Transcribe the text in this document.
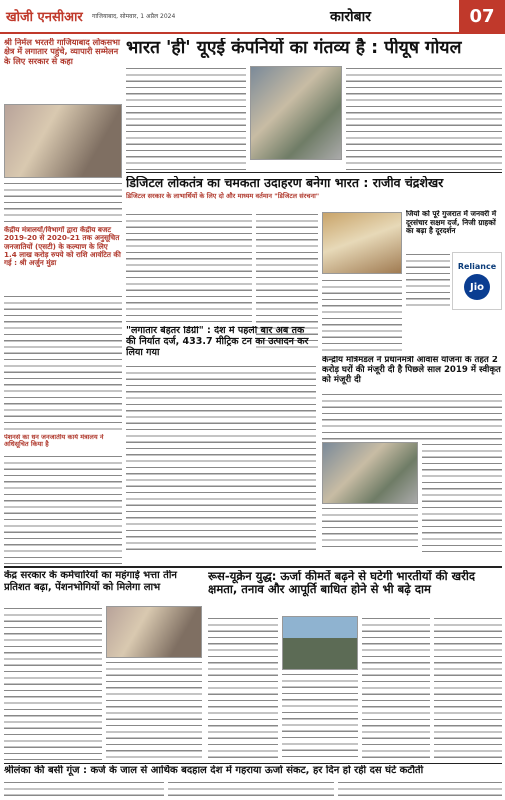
खोजी एनसीआर	गाजियाबाद, सोमवार, 1 अप्रैल 2024	कारोबार	07
श्री निर्मल भरतरी गाजियाबाद लोकसभा क्षेत्र में लगातार पहुंचे, व्यापारी सम्मेलन के लिए सरकार से कहा
भारत 'ही' यूएई कंपनियों का गंतव्य है : पीयूष गोयल
केंद्रीय मंत्रालयों/विभागों द्वारा केंद्रीय बजट 2019-20 से 2020-21 तक अनुसूचित जनजातियों (एसटी) के कल्याण के लिए 1.4 लाख करोड़ रुपये को राशि आवंटित की गई : श्री अर्जुन मुंडा
पेंशनर्स का धन जनजातीय कार्य मंत्रालय ने अधिसूचित किया है
डिजिटल लोकतंत्र का चमकता उदाहरण बनेगा भारत : राजीव चंद्रशेखर
डिजिटल सरकार के लाभार्थियों के लिए दो और माध्यम वर्तमान "डिजिटल संरचना"
जियो को पूरे गुजरात में जनवरी में दूरसंचार सक्षम दर्ज, निजी ग्राहकों का बढ़ा है दूरदर्शन
Reliance
Jio
"लगातार बेहतर डिग्री" : देश में पहली बार अब तक की निर्यात दर्ज, 433.7 मीट्रिक टन का उत्पादन कर लिया गया
केन्द्रीय मंत्रिमंडल ने प्रधानमंत्री आवास योजना के तहत 2 करोड़ घरों की मंजूरी दी है पिछले साल 2019 में स्वीकृत को मंजूरी दी
केंद्र सरकार के कर्मचारियों का महंगाई भत्ता तीन प्रतिशत बढ़ा, पेंशनभोगियों को मिलेगा लाभ
रूस-यूक्रेन युद्ध: ऊर्जा कीमतें बढ़ने से घटेगी भारतीयों की खरीद क्षमता, तनाव और आपूर्ति बाधित होने से भी बढ़े दाम
श्रीलंका की बसी गूंज : कर्ज के जाल से आर्थिक बदहाल देश में गहराया ऊर्जा संकट, हर दिन हो रही दस घंटे कटौती
